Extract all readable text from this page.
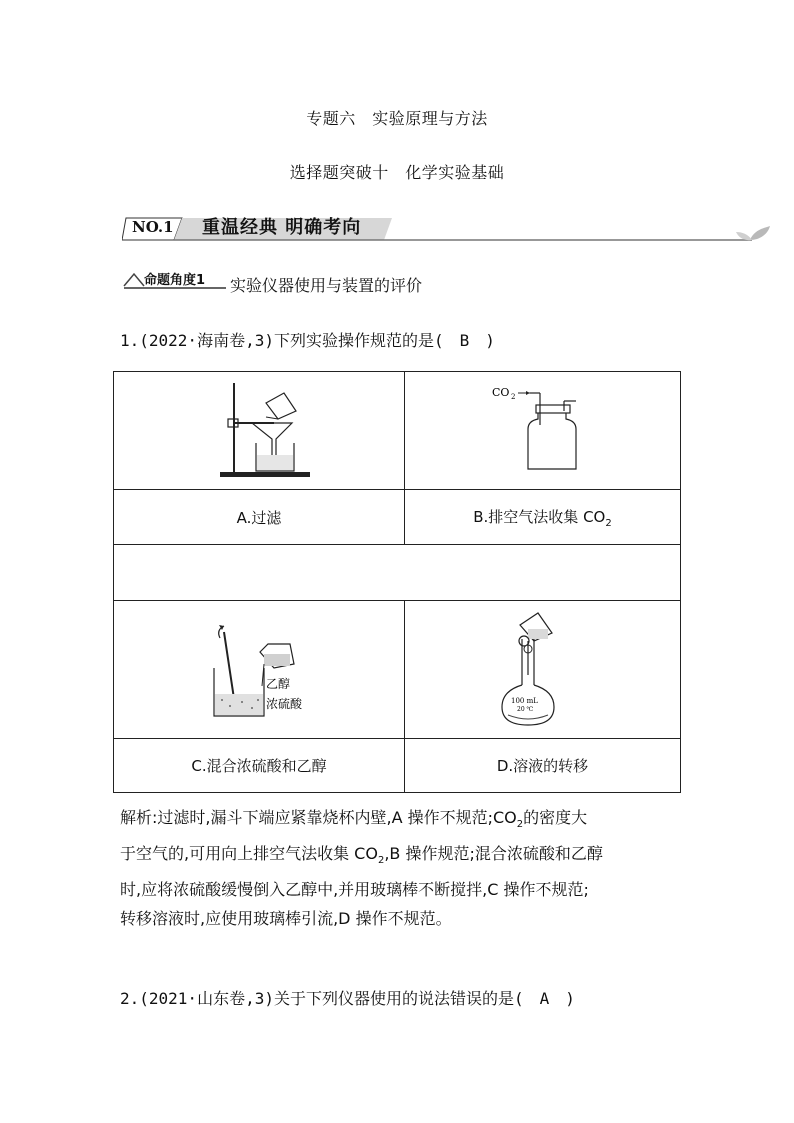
专题六　实验原理与方法
选择题突破十　化学实验基础
NO.1 重温经典 明确考向
命题角度1 实验仪器使用与装置的评价
1.(2022·海南卷,3)下列实验操作规范的是(　B　)

CO 2

A.过滤	B.排空气法收集 $CO_2$

乙醇
浓硫酸	100 mL
20 ℃

C.混合浓硫酸和乙醇	D.溶液的转移

解析:过滤时,漏斗下端应紧靠烧杯内壁,A 操作不规范$;CO_2$的密度大

于空气的,可用向上排空气法收集 $CO_2,B$ 操作规范;混合浓硫酸和乙醇

时,应将浓硫酸缓慢倒入乙醇中,并用玻璃棒不断搅拌,C 操作不规范;

转移溶液时,应使用玻璃棒引流,D 操作不规范。

2.(2021·山东卷,3)关于下列仪器使用的说法错误的是(　A　)
